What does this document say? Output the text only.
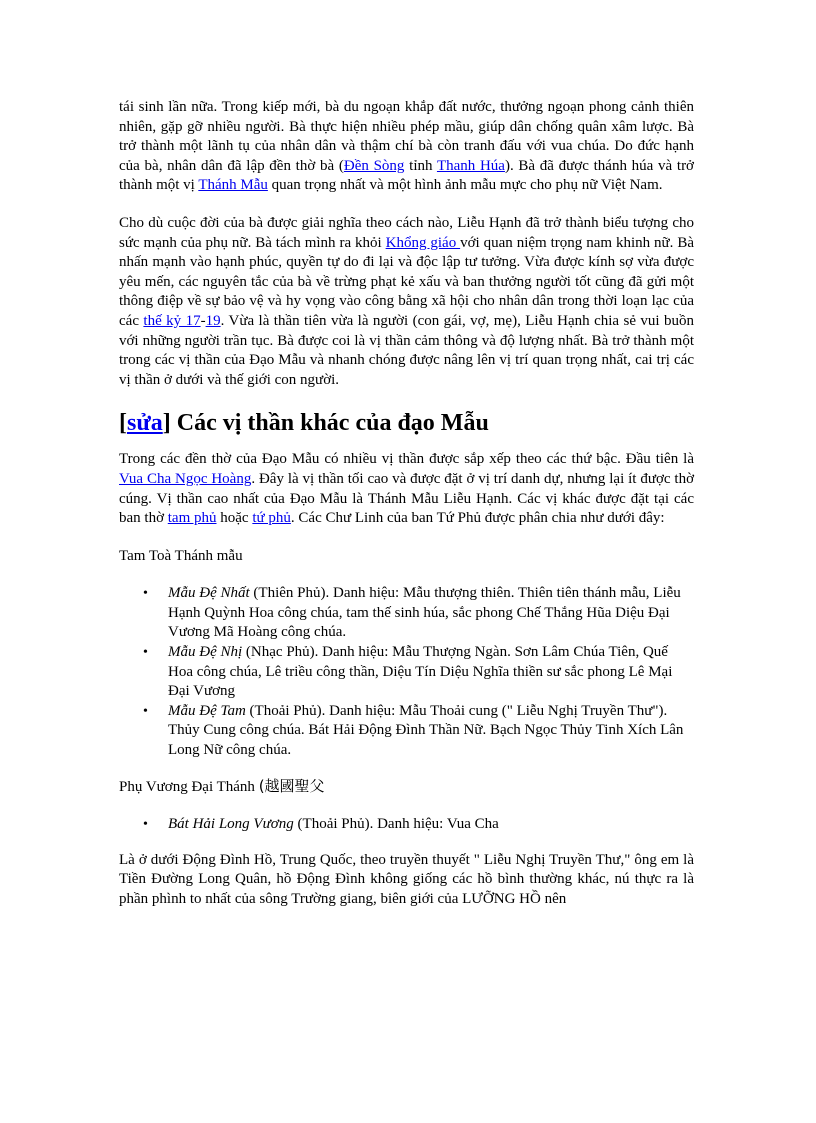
tái sinh lần nữa. Trong kiếp mới, bà du ngoạn khắp đất nước, thưởng ngoạn phong cảnh thiên nhiên, gặp gỡ nhiều người. Bà thực hiện nhiều phép mầu, giúp dân chống quân xâm lược. Bà trở thành một lãnh tụ của nhân dân và thậm chí bà còn tranh đấu với vua chúa. Do đức hạnh của bà, nhân dân đã lập đền thờ bà (Đền Sòng tỉnh Thanh Húa). Bà đã được thánh húa và trở thành một vị Thánh Mẫu quan trọng nhất và một hình ảnh mẫu mực cho phụ nữ Việt Nam.

Cho dù cuộc đời của bà được giải nghĩa theo cách nào, Liễu Hạnh đã trở thành biểu tượng cho sức mạnh của phụ nữ. Bà tách mình ra khỏi Khổng giáo với quan niệm trọng nam khinh nữ. Bà nhấn mạnh vào hạnh phúc, quyền tự do đi lại và độc lập tư tưởng. Vừa được kính sợ vừa được yêu mến, các nguyên tắc của bà về trừng phạt kẻ xấu và ban thưởng người tốt cũng đã gửi một thông điệp về sự bảo vệ và hy vọng vào công bằng xã hội cho nhân dân trong thời loạn lạc của các thế kỷ 17-19. Vừa là thần tiên vừa là người (con gái, vợ, mẹ), Liễu Hạnh chia sẻ vui buồn với những người trần tục. Bà được coi là vị thần cảm thông và độ lượng nhất. Bà trở thành một trong các vị thần của Đạo Mẫu và nhanh chóng được nâng lên vị trí quan trọng nhất, cai trị các vị thần ở dưới và thế giới con người.

[sửa] Các vị thần khác của đạo Mẫu

Trong các đền thờ của Đạo Mẫu có nhiều vị thần được sắp xếp theo các thứ bậc. Đầu tiên là Vua Cha Ngọc Hoàng. Đây là vị thần tối cao và được đặt ở vị trí danh dự, nhưng lại ít được thờ cúng. Vị thần cao nhất của Đạo Mẫu là Thánh Mẫu Liễu Hạnh. Các vị khác được đặt tại các ban thờ tam phủ hoặc tứ phủ. Các Chư Linh của ban Tứ Phủ được phân chia như dưới đây:

Tam Toà Thánh mẫu

• Mẫu Đệ Nhất (Thiên Phủ). Danh hiệu: Mẫu thượng thiên. Thiên tiên thánh mẫu, Liễu Hạnh Quỳnh Hoa công chúa, tam thế sinh húa, sắc phong Chế Thắng Hũa Diệu Đại Vương Mã Hoàng công chúa.
• Mẫu Đệ Nhị (Nhạc Phủ). Danh hiệu: Mẫu Thượng Ngàn. Sơn Lâm Chúa Tiên, Quế Hoa công chúa, Lê triều công thần, Diệu Tín Diệu Nghĩa thiền sư sắc phong Lê Mại Đại Vương
• Mẫu Đệ Tam (Thoải Phủ). Danh hiệu: Mẫu Thoải cung (" Liễu Nghị Truyền Thư"). Thủy Cung công chúa. Bát Hải Động Đình Thần Nữ. Bạch Ngọc Thủy Tinh Xích Lân Long Nữ công chúa.

Phụ Vương Đại Thánh (越國聖父

• Bát Hải Long Vương (Thoải Phủ). Danh hiệu: Vua Cha

Là ở dưới Động Đình Hồ, Trung Quốc, theo truyền thuyết " Liễu Nghị Truyền Thư," ông em là Tiền Đường Long Quân, hồ Động Đình không giống các hồ bình thường khác, nú thực ra là phần phình to nhất của sông Trường giang, biên giới của LƯỠNG HỒ nên
